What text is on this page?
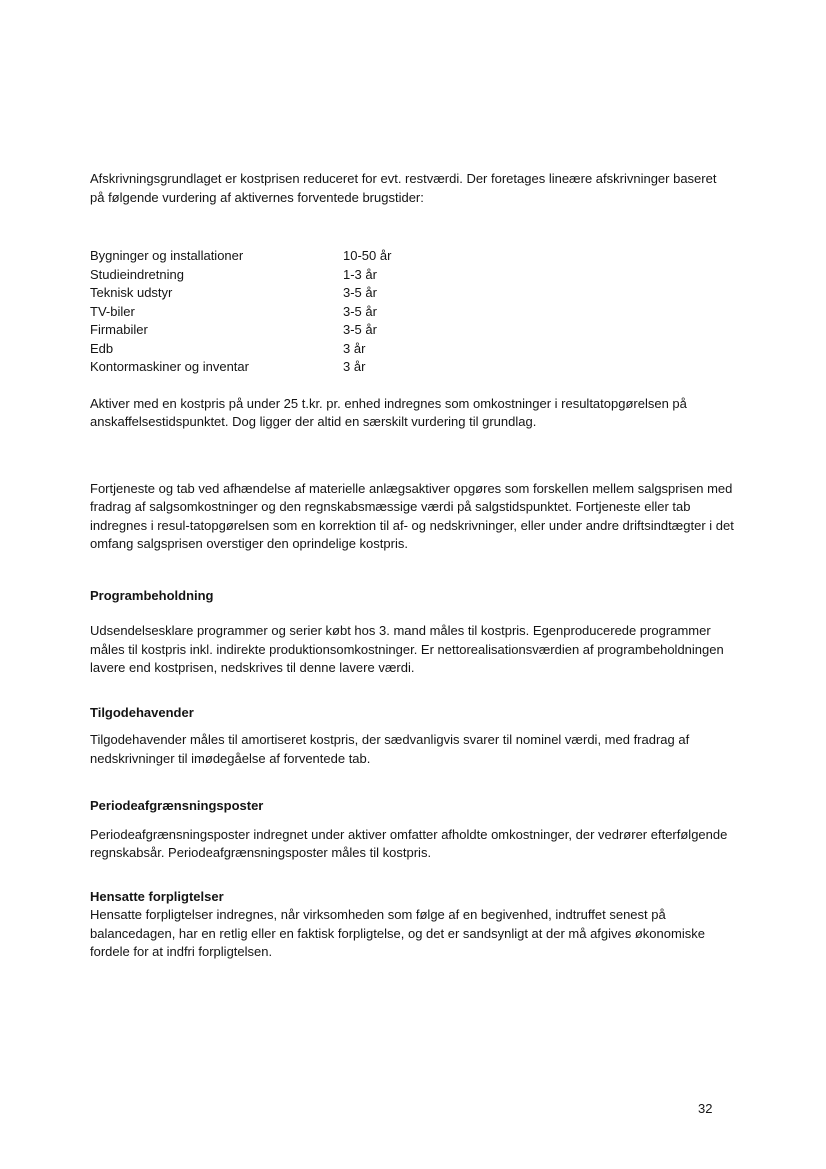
Afskrivningsgrundlaget er kostprisen reduceret for evt. restværdi. Der foretages lineære afskrivninger baseret på følgende vurdering af aktivernes forventede brugstider:

Bygninger og installationer	10-50 år
Studieindretning	1-3 år
Teknisk udstyr	3-5 år
TV-biler	3-5 år
Firmabiler	3-5 år
Edb	3 år
Kontormaskiner og inventar	3 år

Aktiver med en kostpris på under 25 t.kr. pr. enhed indregnes som omkostninger i resultatopgørelsen på anskaffelsestidspunktet. Dog ligger der altid en særskilt vurdering til grundlag.

Fortjeneste og tab ved afhændelse af materielle anlægsaktiver opgøres som forskellen mellem salgsprisen med fradrag af salgsomkostninger og den regnskabsmæssige værdi på salgstidspunktet. Fortjeneste eller tab indregnes i resul-tatopgørelsen som en korrektion til af- og nedskrivninger, eller under andre driftsindtægter i det omfang salgsprisen overstiger den oprindelige kostpris.

Programbeholdning

Udsendelsesklare programmer og serier købt hos 3. mand måles til kostpris. Egenproducerede programmer måles til kostpris inkl. indirekte produktionsomkostninger. Er nettorealisationsværdien af programbeholdningen lavere end kostprisen, nedskrives til denne lavere værdi.

Tilgodehavender

Tilgodehavender måles til amortiseret kostpris, der sædvanligvis svarer til nominel værdi, med fradrag af nedskrivninger til imødegåelse af forventede tab.

Periodeafgrænsningsposter

Periodeafgrænsningsposter indregnet under aktiver omfatter afholdte omkostninger, der vedrører efterfølgende regnskabsår. Periodeafgrænsningsposter måles til kostpris.

Hensatte forpligtelser

Hensatte forpligtelser indregnes, når virksomheden som følge af en begivenhed, indtruffet senest på balancedagen, har en retlig eller en faktisk forpligtelse, og det er sandsynligt at der må afgives økonomiske fordele for at indfri forpligtelsen.

32
